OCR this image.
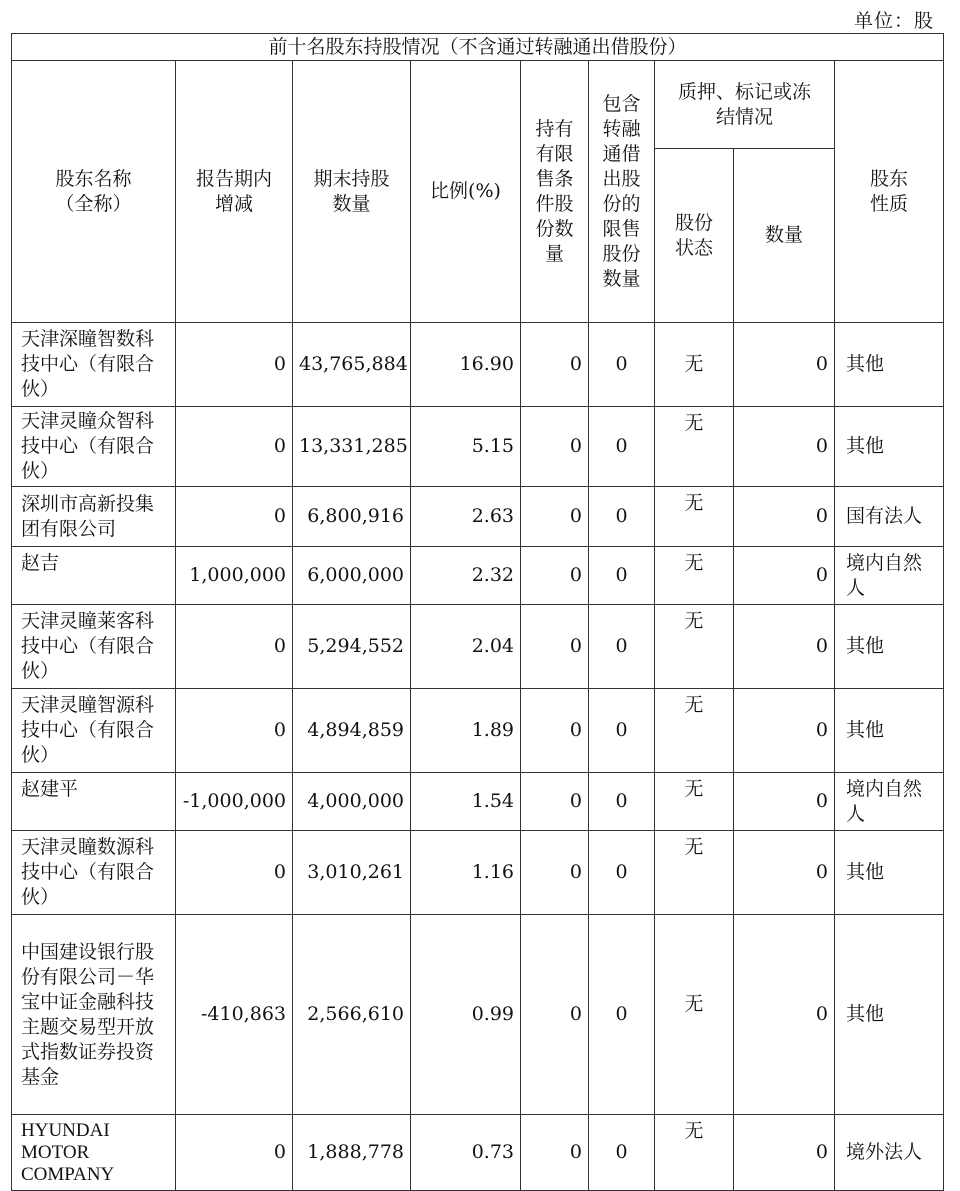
单位：股
前十名股东持股情况（不含通过转融通出借股份）								

股东名称（全称）	报告期内增减	期末持股数量	比例(%)	持有有限售条件股份数量	包含转融通借出股份的限售股份数量	质押、标记或冻结情况		股东性质

						股份状态	数量	
天津深瞳智数科技中心（有限合伙）	0	43,765,884	16.90	0	0	无	0	其他
天津灵瞳众智科技中心（有限合伙）	0	13,331,285	5.15	0	0	无	0	其他
深圳市高新投集团有限公司	0	6,800,916	2.63	0	0	无	0	国有法人
赵吉	1,000,000	6,000,000	2.32	0	0	无	0	境内自然人
天津灵瞳莱客科技中心（有限合伙）	0	5,294,552	2.04	0	0	无	0	其他
天津灵瞳智源科技中心（有限合伙）	0	4,894,859	1.89	0	0	无	0	其他
赵建平	-1,000,000	4,000,000	1.54	0	0	无	0	境内自然人
天津灵瞳数源科技中心（有限合伙）	0	3,010,261	1.16	0	0	无	0	其他
中国建设银行股份有限公司－华宝中证金融科技主题交易型开放式指数证券投资基金	-410,863	2,566,610	0.99	0	0	无	0	其他
HYUNDAI MOTOR COMPANY	0	1,888,778	0.73	0	0	无	0	境外法人
